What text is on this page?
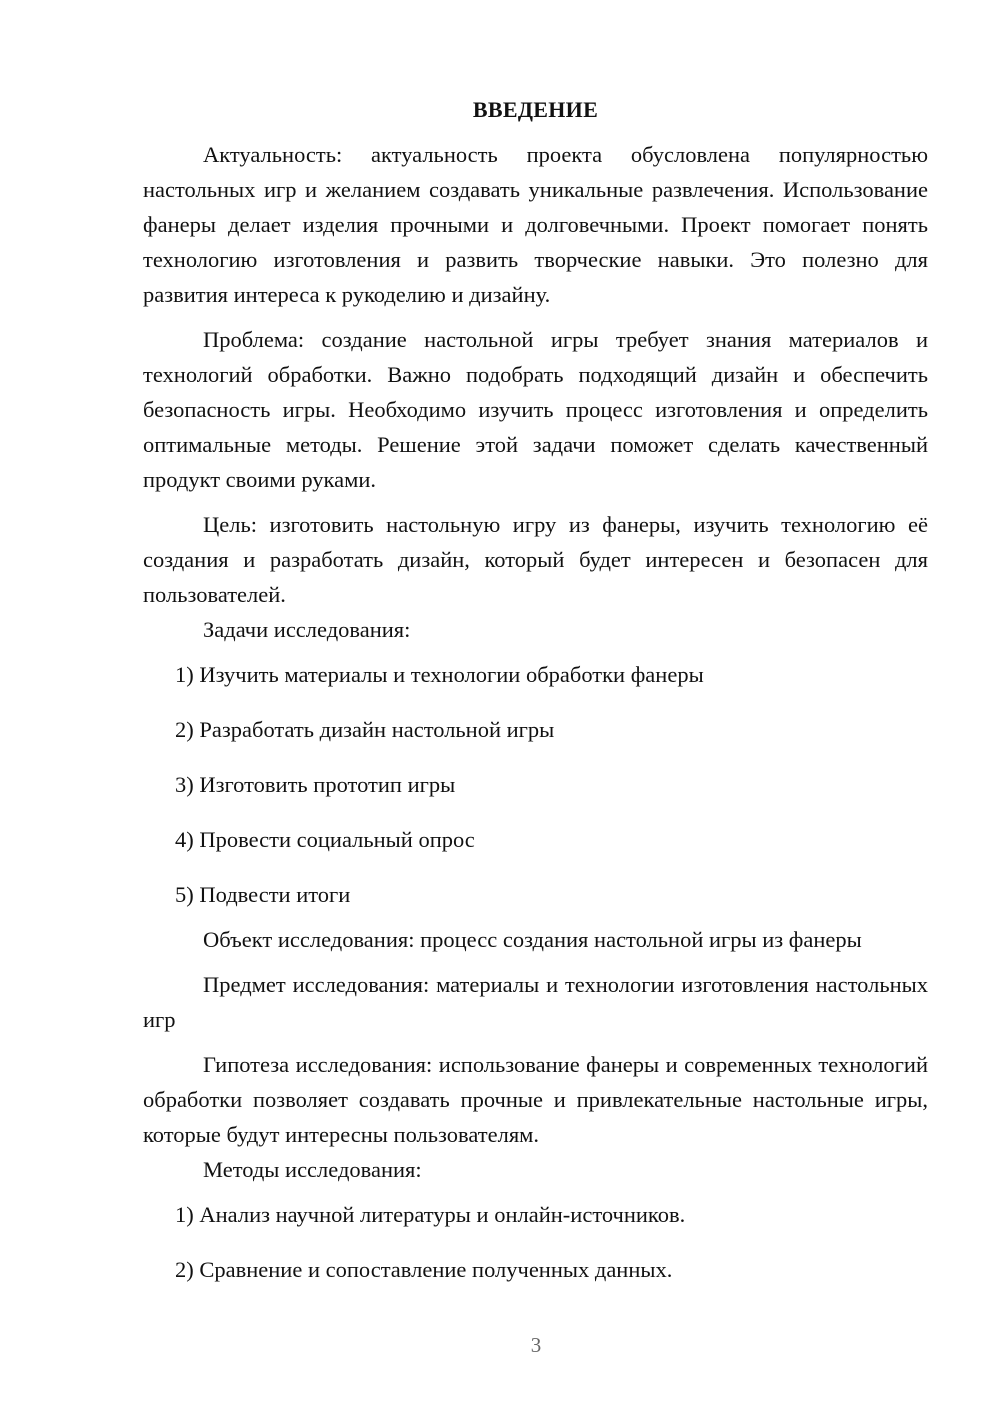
ВВЕДЕНИЕ

Актуальность: актуальность проекта обусловлена популярностью настольных игр и желанием создавать уникальные развлечения. Использование фанеры делает изделия прочными и долговечными. Проект помогает понять технологию изготовления и развить творческие навыки. Это полезно для развития интереса к рукоделию и дизайну.

Проблема: создание настольной игры требует знания материалов и технологий обработки. Важно подобрать подходящий дизайн и обеспечить безопасность игры. Необходимо изучить процесс изготовления и определить оптимальные методы. Решение этой задачи поможет сделать качественный продукт своими руками.

Цель: изготовить настольную игру из фанеры, изучить технологию её создания и разработать дизайн, который будет интересен и безопасен для пользователей.

Задачи исследования:

1) Изучить материалы и технологии обработки фанеры
2) Разработать дизайн настольной игры
3) Изготовить прототип игры
4) Провести социальный опрос
5) Подвести итоги

Объект исследования: процесс создания настольной игры из фанеры

Предмет исследования: материалы и технологии изготовления настольных игр

Гипотеза исследования: использование фанеры и современных технологий обработки позволяет создавать прочные и привлекательные настольные игры, которые будут интересны пользователям.

Методы исследования:

1) Анализ научной литературы и онлайн-источников.
2) Сравнение и сопоставление полученных данных.
3
